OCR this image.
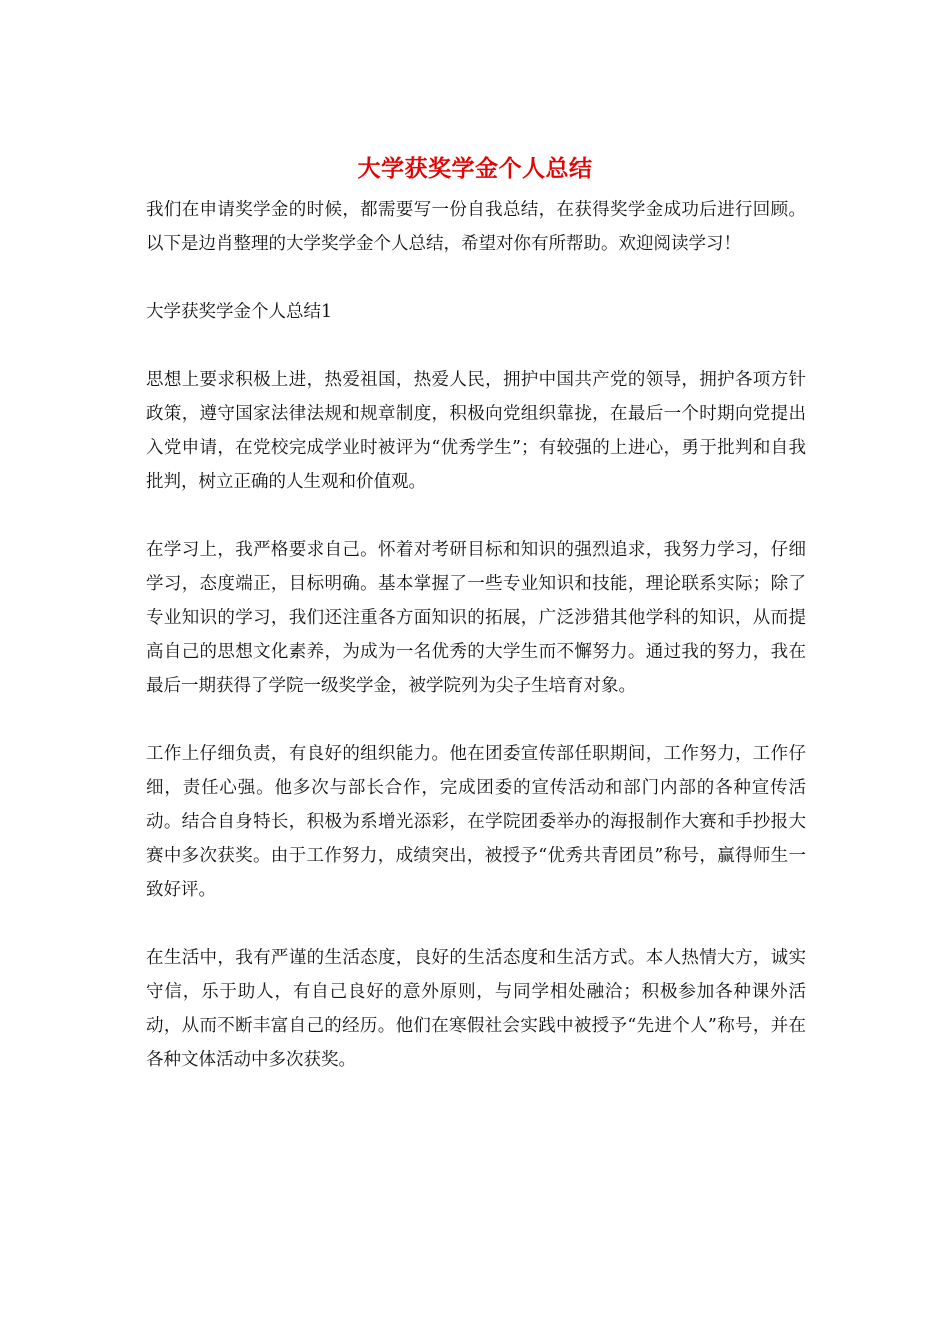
大学获奖学金个人总结

我们在申请奖学金的时候，都需要写一份自我总结，在获得奖学金成功后进行回顾。以下是边肖整理的大学奖学金个人总结，希望对你有所帮助。欢迎阅读学习！

大学获奖学金个人总结1

思想上要求积极上进，热爱祖国，热爱人民，拥护中国共产党的领导，拥护各项方针政策，遵守国家法律法规和规章制度，积极向党组织靠拢，在最后一个时期向党提出入党申请，在党校完成学业时被评为“优秀学生”；有较强的上进心，勇于批判和自我批判，树立正确的人生观和价值观。

在学习上，我严格要求自己。怀着对考研目标和知识的强烈追求，我努力学习，仔细学习，态度端正，目标明确。基本掌握了一些专业知识和技能，理论联系实际；除了专业知识的学习，我们还注重各方面知识的拓展，广泛涉猎其他学科的知识，从而提高自己的思想文化素养，为成为一名优秀的大学生而不懈努力。通过我的努力，我在最后一期获得了学院一级奖学金，被学院列为尖子生培育对象。

工作上仔细负责，有良好的组织能力。他在团委宣传部任职期间，工作努力，工作仔细，责任心强。他多次与部长合作，完成团委的宣传活动和部门内部的各种宣传活动。结合自身特长，积极为系增光添彩，在学院团委举办的海报制作大赛和手抄报大赛中多次获奖。由于工作努力，成绩突出，被授予“优秀共青团员”称号，赢得师生一致好评。

在生活中，我有严谨的生活态度，良好的生活态度和生活方式。本人热情大方，诚实守信，乐于助人，有自己良好的意外原则，与同学相处融洽；积极参加各种课外活动，从而不断丰富自己的经历。他们在寒假社会实践中被授予“先进个人”称号，并在各种文体活动中多次获奖。
